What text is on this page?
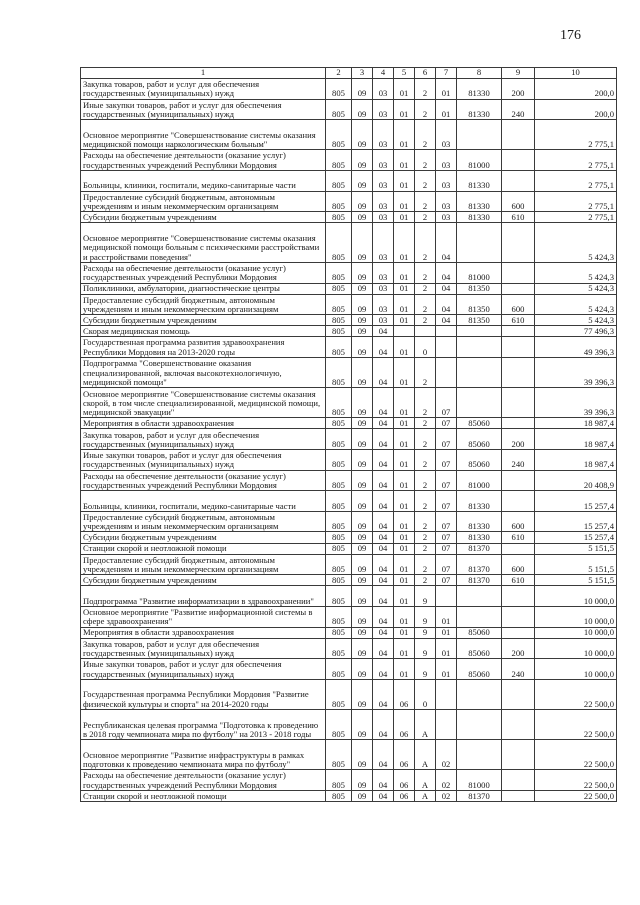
176
1	2	3	4	5	6	7	8	9	10
Закупка товаров, работ и услуг для обеспечения государственных (муниципальных) нужд	805	09	03	01	2	01	81330	200	200,0
Иные закупки товаров, работ и услуг для обеспечения государственных (муниципальных) нужд	805	09	03	01	2	01	81330	240	200,0
Основное мероприятие "Совершенствование системы оказания медицинской помощи наркологическим больным"	805	09	03	01	2	03			2 775,1
Расходы на обеспечение деятельности (оказание услуг) государственных учреждений Республики Мордовия	805	09	03	01	2	03	81000		2 775,1
Больницы, клиники, госпитали, медико-санитарные части	805	09	03	01	2	03	81330		2 775,1
Предоставление субсидий бюджетным, автономным учреждениям и иным некоммерческим организациям	805	09	03	01	2	03	81330	600	2 775,1
Субсидии бюджетным учреждениям	805	09	03	01	2	03	81330	610	2 775,1
Основное мероприятие "Совершенствование системы оказания медицинской помощи больным с психическими расстройствами и расстройствами поведения"	805	09	03	01	2	04			5 424,3
Расходы на обеспечение деятельности (оказание услуг) государственных учреждений Республики Мордовия	805	09	03	01	2	04	81000		5 424,3
Поликлиники, амбулатории, диагностические центры	805	09	03	01	2	04	81350		5 424,3
Предоставление субсидий бюджетным, автономным учреждениям и иным некоммерческим организациям	805	09	03	01	2	04	81350	600	5 424,3
Субсидии бюджетным учреждениям	805	09	03	01	2	04	81350	610	5 424,3
Скорая медицинская помощь	805	09	04						77 496,3
Государственная программа развития здравоохранения Республики Мордовия на 2013-2020 годы	805	09	04	01	0				49 396,3
Подпрограмма "Совершенствование оказания специализированной, включая высокотехнологичную, медицинской помощи"	805	09	04	01	2				39 396,3
Основное мероприятие "Совершенствование системы оказания скорой, в том числе специализированной, медицинской помощи, медицинской эвакуации"	805	09	04	01	2	07			39 396,3
Мероприятия в области здравоохранения	805	09	04	01	2	07	85060		18 987,4
Закупка товаров, работ и услуг для обеспечения государственных (муниципальных) нужд	805	09	04	01	2	07	85060	200	18 987,4
Иные закупки товаров, работ и услуг для обеспечения государственных (муниципальных) нужд	805	09	04	01	2	07	85060	240	18 987,4
Расходы на обеспечение деятельности (оказание услуг) государственных учреждений Республики Мордовия	805	09	04	01	2	07	81000		20 408,9
Больницы, клиники, госпитали, медико-санитарные части	805	09	04	01	2	07	81330		15 257,4
Предоставление субсидий бюджетным, автономным учреждениям и иным некоммерческим организациям	805	09	04	01	2	07	81330	600	15 257,4
Субсидии бюджетным учреждениям	805	09	04	01	2	07	81330	610	15 257,4
Станции скорой и неотложной помощи	805	09	04	01	2	07	81370		5 151,5
Предоставление субсидий бюджетным, автономным учреждениям и иным некоммерческим организациям	805	09	04	01	2	07	81370	600	5 151,5
Субсидии бюджетным учреждениям	805	09	04	01	2	07	81370	610	5 151,5
Подпрограмма "Развитие информатизации в здравоохранении"	805	09	04	01	9				10 000,0
Основное мероприятие "Развитие информационной системы в сфере здравоохранения"	805	09	04	01	9	01			10 000,0
Мероприятия в области здравоохранения	805	09	04	01	9	01	85060		10 000,0
Закупка товаров, работ и услуг для обеспечения государственных (муниципальных) нужд	805	09	04	01	9	01	85060	200	10 000,0
Иные закупки товаров, работ и услуг для обеспечения государственных (муниципальных) нужд	805	09	04	01	9	01	85060	240	10 000,0
Государственная программа Республики Мордовия "Развитие физической культуры и спорта" на 2014-2020 годы	805	09	04	06	0				22 500,0
Республиканская целевая программа "Подготовка к проведению в 2018 году чемпионата мира по футболу" на 2013 - 2018 годы	805	09	04	06	А				22 500,0
Основное мероприятие "Развитие инфраструктуры в рамках подготовки к проведению чемпионата мира по футболу"	805	09	04	06	А	02			22 500,0
Расходы на обеспечение деятельности (оказание услуг) государственных учреждений Республики Мордовия	805	09	04	06	А	02	81000		22 500,0
Станции скорой и неотложной помощи	805	09	04	06	А	02	81370		22 500,0
